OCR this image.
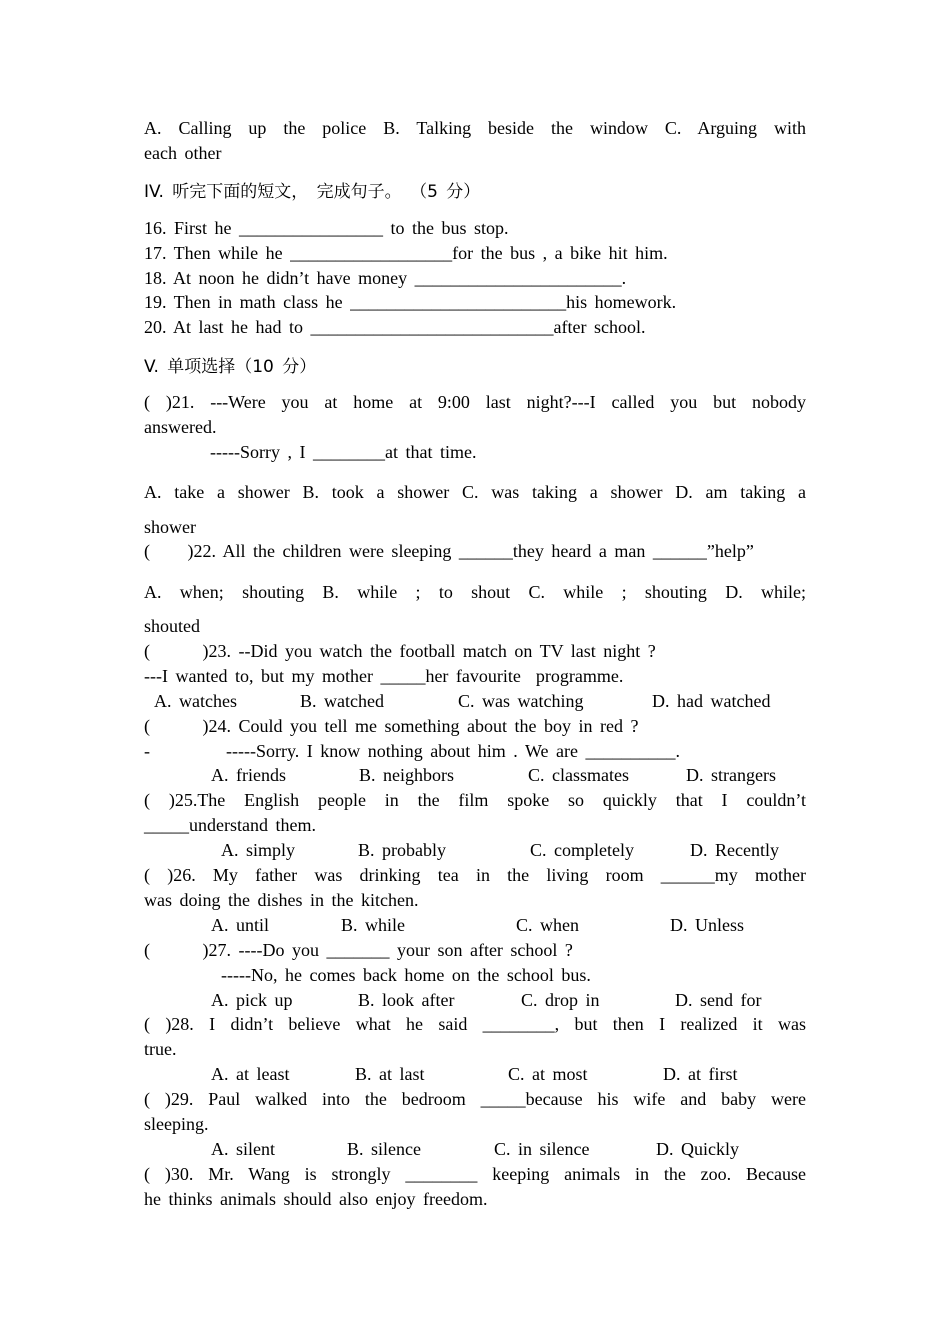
A. Calling up the police B. Talking beside the window C. Arguing with
each other
IV. 听完下面的短文， 完成句子。 （5 分）
16. First he ________________ to the bus stop.
17. Then while he __________________for the bus , a bike hit him.
18. At noon he didn’t have money _______________________.
19. Then in math class he ________________________his homework.
20. At last he had to ___________________________after school.
V. 单项选择（10 分）
( )21. ---Were you at home at 9:00 last night?---I called you but nobody
answered.
-----Sorry , I ________at that time.
A. take a shower B. took a shower C. was taking a shower D. am taking a
shower
(     )22. All the children were sleeping ______they heard a man ______”help”
A. when; shouting B. while ; to shout C. while ; shouting D. while;
shouted
(       )23. --Did you watch the football match on TV last night ?
---I wanted to, but my mother _____her favourite  programme.
A. watches	B. watched	C. was watching	D. had watched
(       )24. Could you tell me something about the boy in red ?
-	-----Sorry. I know nothing about him . We are __________.
A. friends	B. neighbors	C. classmates	D. strangers
( )25.The English people in the film spoke so quickly that I couldn’t
_____understand them.
A. simply	B. probably	C. completely	D. Recently
( )26. My father was drinking tea in the living room ______my mother
was doing the dishes in the kitchen.
A. until	B. while	C. when	D. Unless
(       )27. ----Do you _______ your son after school ?
-----No, he comes back home on the school bus.
A. pick up	B. look after	C. drop in	D. send for
( )28. I didn’t believe what he said ________, but then I realized it was
true.
A. at least	B. at last	C. at most	D. at first
( )29. Paul walked into the bedroom _____because his wife and baby were
sleeping.
A. silent	B. silence	C. in silence	D. Quickly
( )30. Mr. Wang is strongly ________ keeping animals in the zoo. Because
he thinks animals should also enjoy freedom.
